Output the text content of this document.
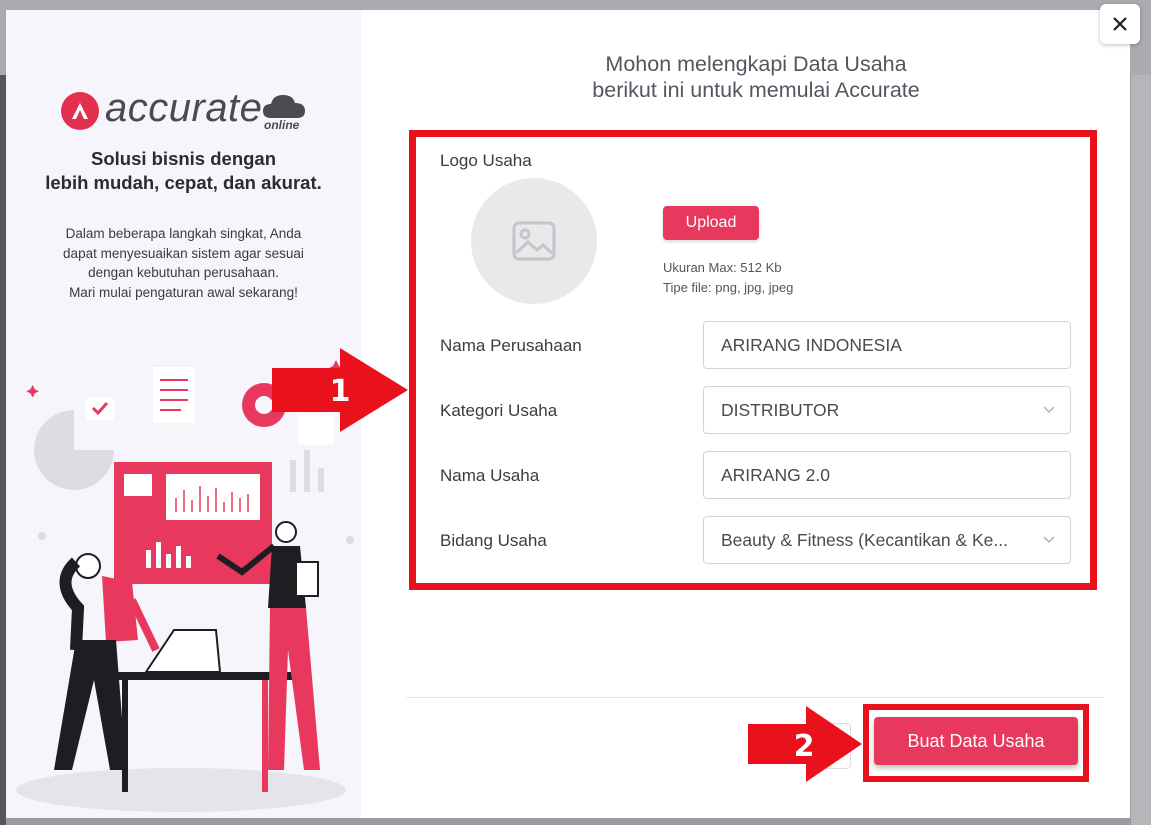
accurate online
Solusi bisnis dengan
lebih mudah, cepat, dan akurat.
Dalam beberapa langkah singkat, Anda
dapat menyesuaikan sistem agar sesuai
dengan kebutuhan perusahaan.
Mari mulai pengaturan awal sekarang!
Mohon melengkapi Data Usaha
berikut ini untuk memulai Accurate
Logo Usaha
Upload
Ukuran Max: 512 Kb
Tipe file: png, jpg, jpeg
Nama Perusahaan	ARIRANG INDONESIA
Kategori Usaha	DISTRIBUTOR
Nama Usaha	ARIRANG 2.0
Bidang Usaha	Beauty & Fitness (Kecantikan & Ke...
Buat Data Usaha
1
2
